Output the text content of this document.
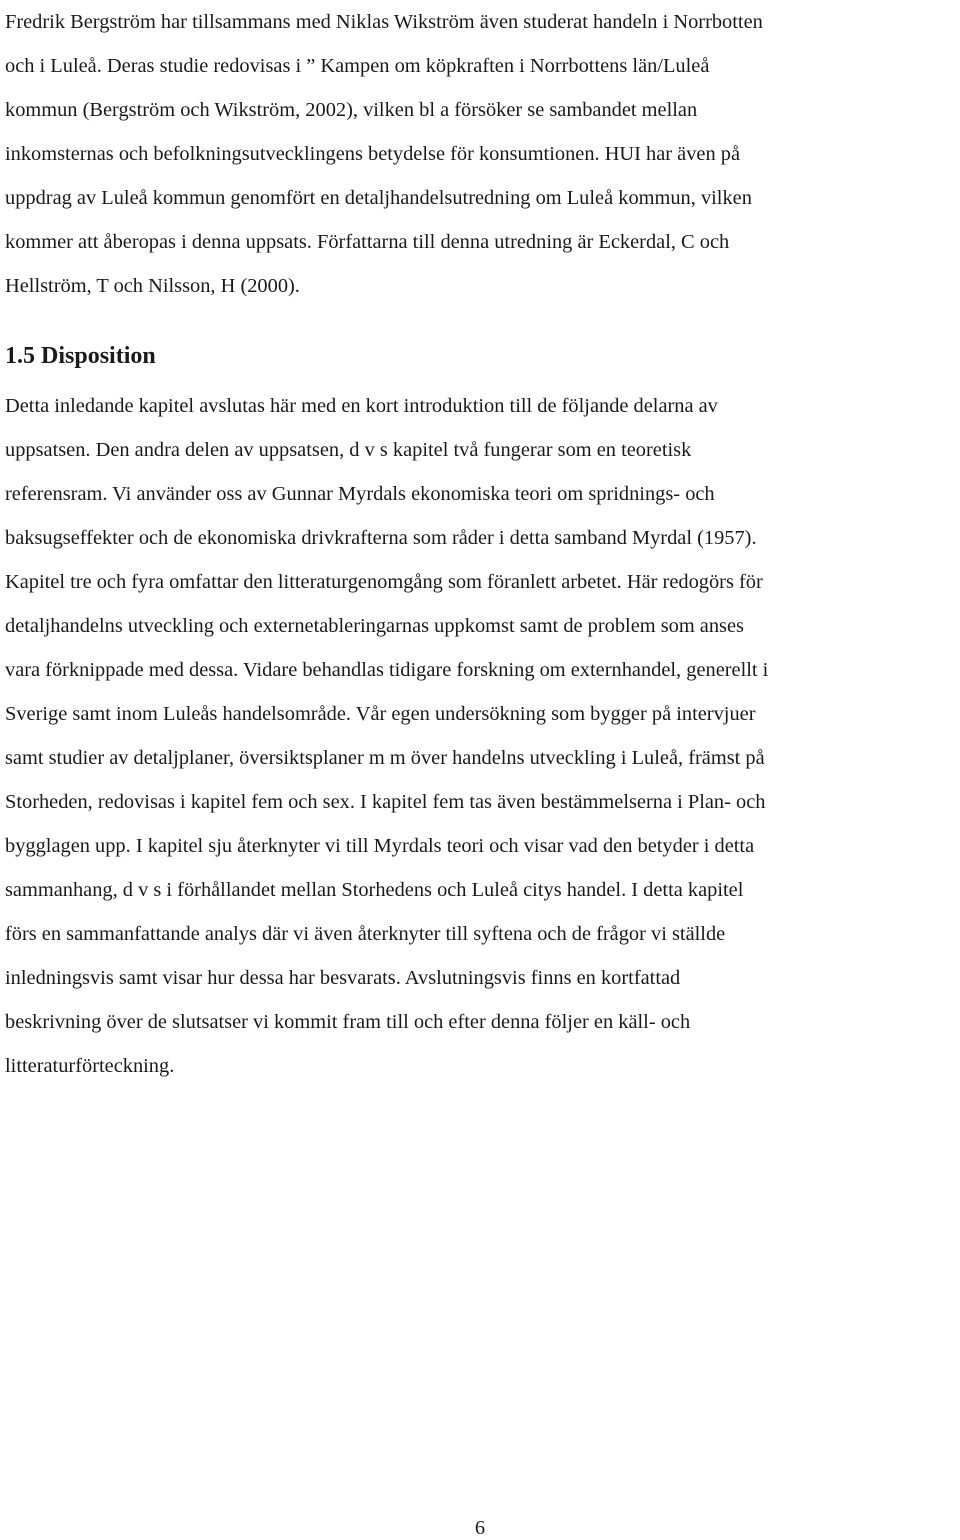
Fredrik Bergström har tillsammans med Niklas Wikström även studerat handeln i Norrbotten
och i Luleå. Deras studie redovisas i ” Kampen om köpkraften i Norrbottens län/Luleå
kommun (Bergström och Wikström, 2002), vilken bl a försöker se sambandet mellan
inkomsternas och befolkningsutvecklingens betydelse för konsumtionen. HUI har även på
uppdrag av Luleå kommun genomfört en detaljhandelsutredning om Luleå kommun, vilken
kommer att åberopas i denna uppsats. Författarna till denna utredning är Eckerdal, C och
Hellström, T och Nilsson, H (2000).

1.5 Disposition

Detta inledande kapitel avslutas här med en kort introduktion till de följande delarna av
uppsatsen. Den andra delen av uppsatsen, d v s kapitel två fungerar som en teoretisk
referensram. Vi använder oss av Gunnar Myrdals ekonomiska teori om spridnings- och
baksugseffekter och de ekonomiska drivkrafterna som råder i detta samband Myrdal (1957).
Kapitel tre och fyra omfattar den litteraturgenomgång som föranlett arbetet. Här redogörs för
detaljhandelns utveckling och externetableringarnas uppkomst samt de problem som anses
vara förknippade med dessa. Vidare behandlas tidigare forskning om externhandel, generellt i
Sverige samt inom Luleås handelsområde. Vår egen undersökning som bygger på intervjuer
samt studier av detaljplaner, översiktsplaner m m över handelns utveckling i Luleå, främst på
Storheden, redovisas i kapitel fem och sex. I kapitel fem tas även bestämmelserna i Plan- och
bygglagen upp. I kapitel sju återknyter vi till Myrdals teori och visar vad den betyder i detta
sammanhang, d v s i förhållandet mellan Storhedens och Luleå citys handel. I detta kapitel
förs en sammanfattande analys där vi även återknyter till syftena och de frågor vi ställde
inledningsvis samt visar hur dessa har besvarats. Avslutningsvis finns en kortfattad
beskrivning över de slutsatser vi kommit fram till och efter denna följer en käll- och
litteraturförteckning.

6
